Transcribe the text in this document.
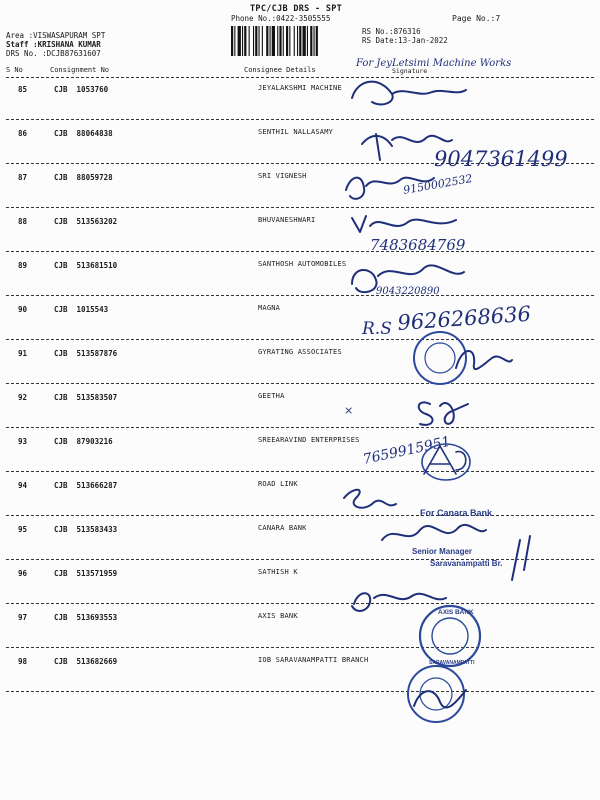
TPC/CJB DRS - SPT
Phone No.:0422-3505555	Page No.:7
RS No.:876316
RS Date:13-Jan-2022
Area :VISWASAPURAM SPT
Staff :KRISHANA KUMAR
DRS No. :DCJB87631607
S No	Consignment No	Consignee Details	Signature
85	CJB 1053760	JEYALAKSHMI MACHINE
86	CJB 88064838	SENTHIL NALLASAMY
87	CJB 88059728	SRI VIGNESH
88	CJB 513563202	BHUVANESHWARI
89	CJB 513681510	SANTHOSH AUTOMOBILES
90	CJB 1015543	MAGNA
91	CJB 513587876	GYRATING ASSOCIATES
92	CJB 513583507	GEETHA
93	CJB 87903216	SREEARAVIND ENTERPRISES
94	CJB 513666287	ROAD LINK
95	CJB 513583433	CANARA BANK
96	CJB 513571959	SATHISH K
97	CJB 513693553	AXIS BANK
98	CJB 513682669	IOB SARAVANAMPATTI BRANCH
For JeyLetsimi Machine Works
9047361499
9150002532
7483684769
9043220890
R.S 9626268636
×
7659915951
For Canara Bank
Senior Manager
Saravanampatti Br.
AXIS BANK
SARAVANAMPATTI
